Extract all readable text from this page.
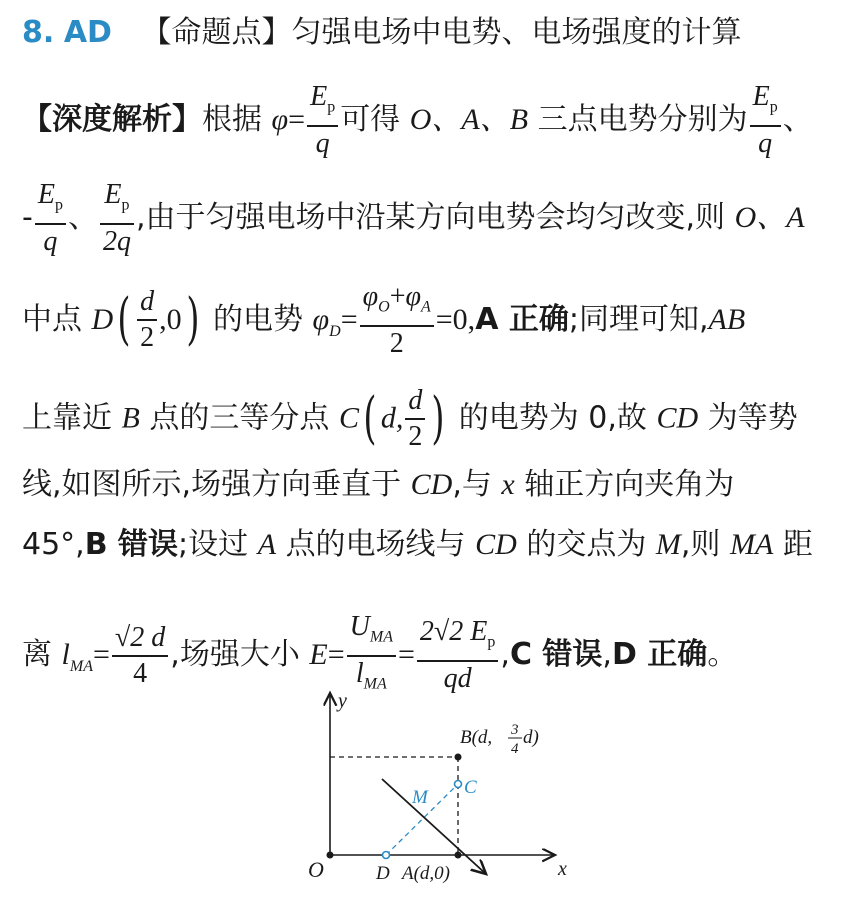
8. AD 【命题点】匀强电场中电势、电场强度的计算
【深度解析】根据 $\varphi= \frac{E_p}{q}$ 可得 O、A、B 三点电势分别为 $\frac{E_p}{q}$ 、
- $\frac{E_p}{q}$ 、 $\frac{E_p}{2q}$ ,由于匀强电场中沿某方向电势会均匀改变,则 O、A
中点 $D( \frac{d}{2} ,0)$ 的电势 $\varphi_D= \frac{\varphi_O+\varphi_A}{2} =0,A$ 正确;同理可知,AB
上靠近 B 点的三等分点 C( d, $\frac{d}{2}$ ) 的电势为 0,故 CD 为等势
线,如图所示,场强方向垂直于 CD,与 x 轴正方向夹角为
45°,B 错误;设过 A 点的电场线与 CD 的交点为 M,则 MA 距
离 $l_{MA}= \frac{√2 d}{4}$ ,场强大小 $E= \frac{U_{MA}}{l_{MA}} = \frac{2√2 E_p}{qd} ,C$ 错误,D 正确。
y
x
O
B(d, 3
4
d)
C
M
D A(d,0)
